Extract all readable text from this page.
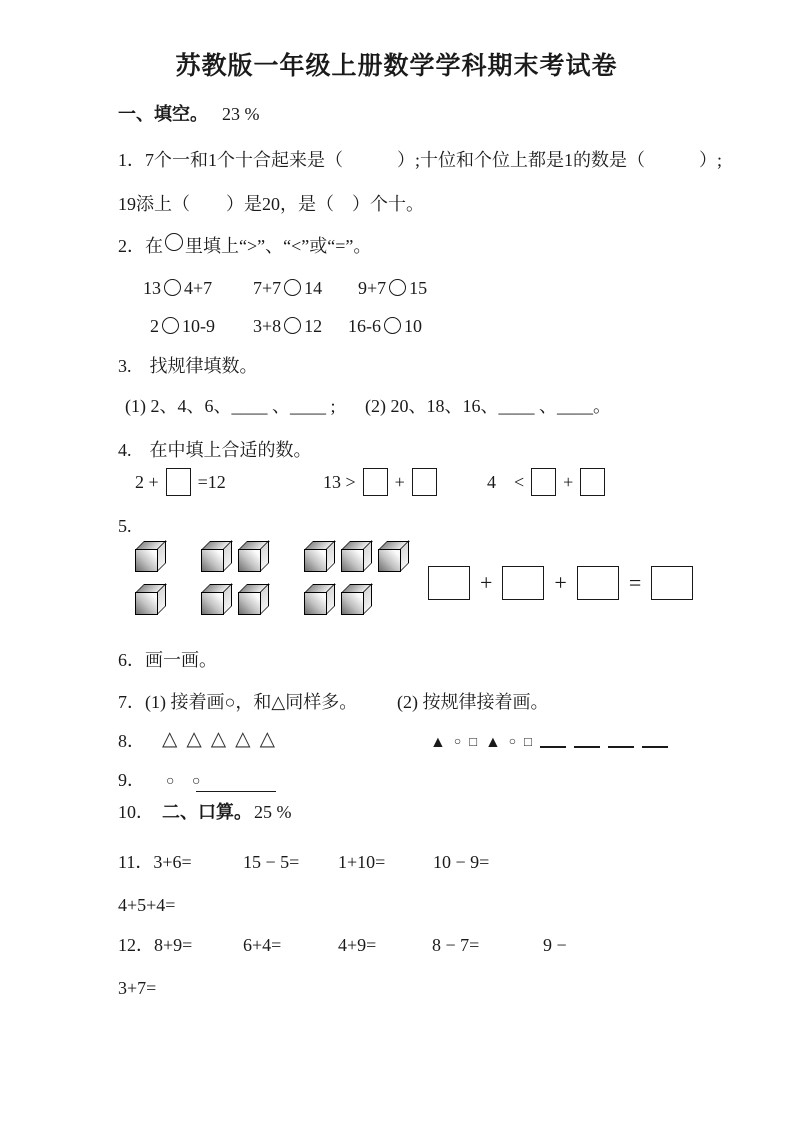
苏教版一年级上册数学学科期末考试卷
一、填空。 23 %
1．7个一和1个十合起来是（　　　）;十位和个位上都是1的数是（　　　）;
19添上（　　）是20，是（　）个十。
2．在 里填上“>”、“<”或“=”。
13 4+7 7+7 14 9+7 15
2 10-9 3+8 12 16-6 10
3.　找规律填数。
(1) 2、4、6、____ 、____ ; (2) 20、18、16、____ 、____。
4.　在中填上合适的数。
2 + =12	13 > +	4　< +
5.
+	+	=
6．画一画。
7．(1) 接着画○，和△同样多。 (2) 按规律接着画。
8． △ △ △ △ △	▲ ○ □ ▲ ○ □
9． ○ ○
10． 二、口算。 25 %
11．3+6=	15 − 5= 1+10=	10 − 9=
4+5+4=
12．8+9=	6+4=	4+9=	8 − 7=	9 −
3+7=
